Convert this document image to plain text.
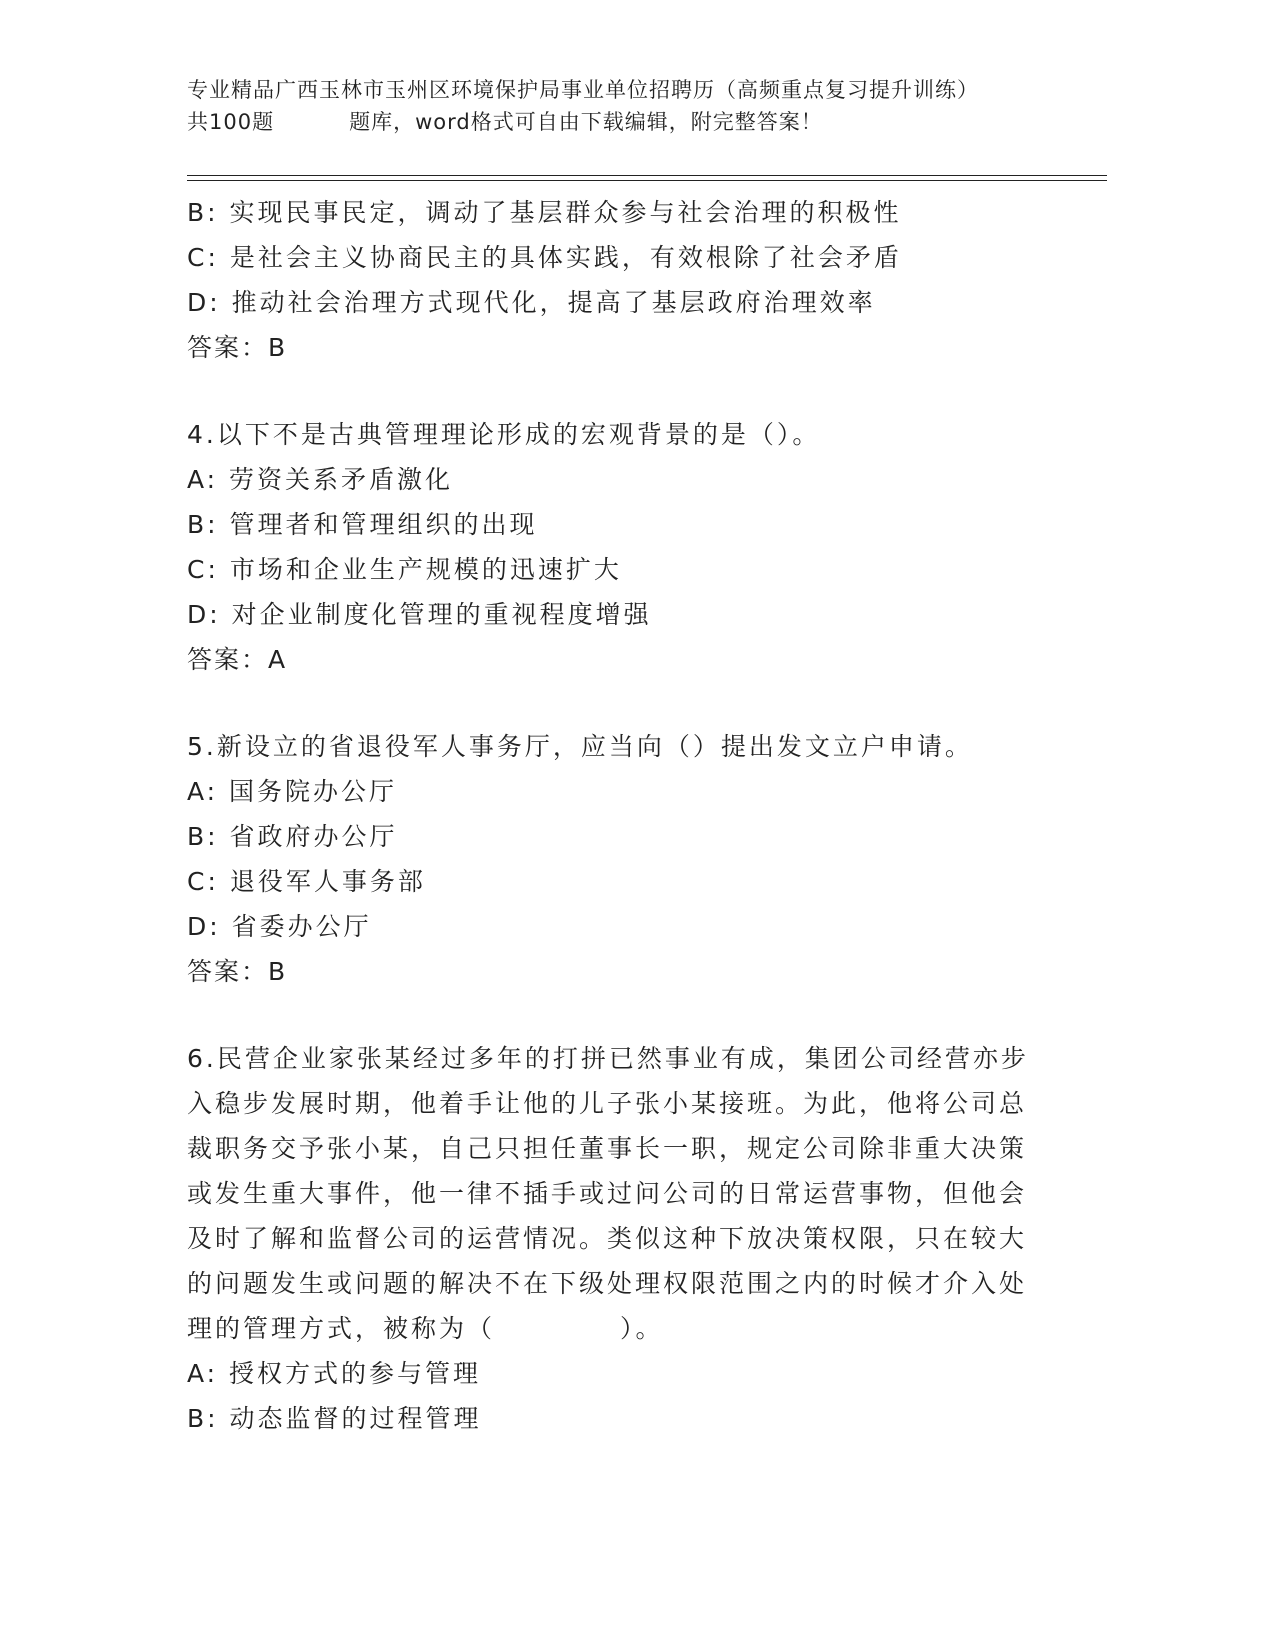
专业精品广西玉林市玉州区环境保护局事业单位招聘历（高频重点复习提升训练）
共100题	题库，word格式可自由下载编辑，附完整答案！
B: 实现民事民定，调动了基层群众参与社会治理的积极性
C: 是社会主义协商民主的具体实践，有效根除了社会矛盾
D: 推动社会治理方式现代化，提高了基层政府治理效率
答案：B
4.以下不是古典管理理论形成的宏观背景的是（）。
A: 劳资关系矛盾激化
B: 管理者和管理组织的出现
C: 市场和企业生产规模的迅速扩大
D: 对企业制度化管理的重视程度增强
答案：A
5.新设立的省退役军人事务厅，应当向（）提出发文立户申请。
A: 国务院办公厅
B: 省政府办公厅
C: 退役军人事务部
D: 省委办公厅
答案：B
6.民营企业家张某经过多年的打拼已然事业有成，集团公司经营亦步
入稳步发展时期，他着手让他的儿子张小某接班。为此，他将公司总
裁职务交予张小某，自己只担任董事长一职，规定公司除非重大决策
或发生重大事件，他一律不插手或过问公司的日常运营事物，但他会
及时了解和监督公司的运营情况。类似这种下放决策权限，只在较大
的问题发生或问题的解决不在下级处理权限范围之内的时候才介入处
理的管理方式，被称为（	）。
A: 授权方式的参与管理
B: 动态监督的过程管理
